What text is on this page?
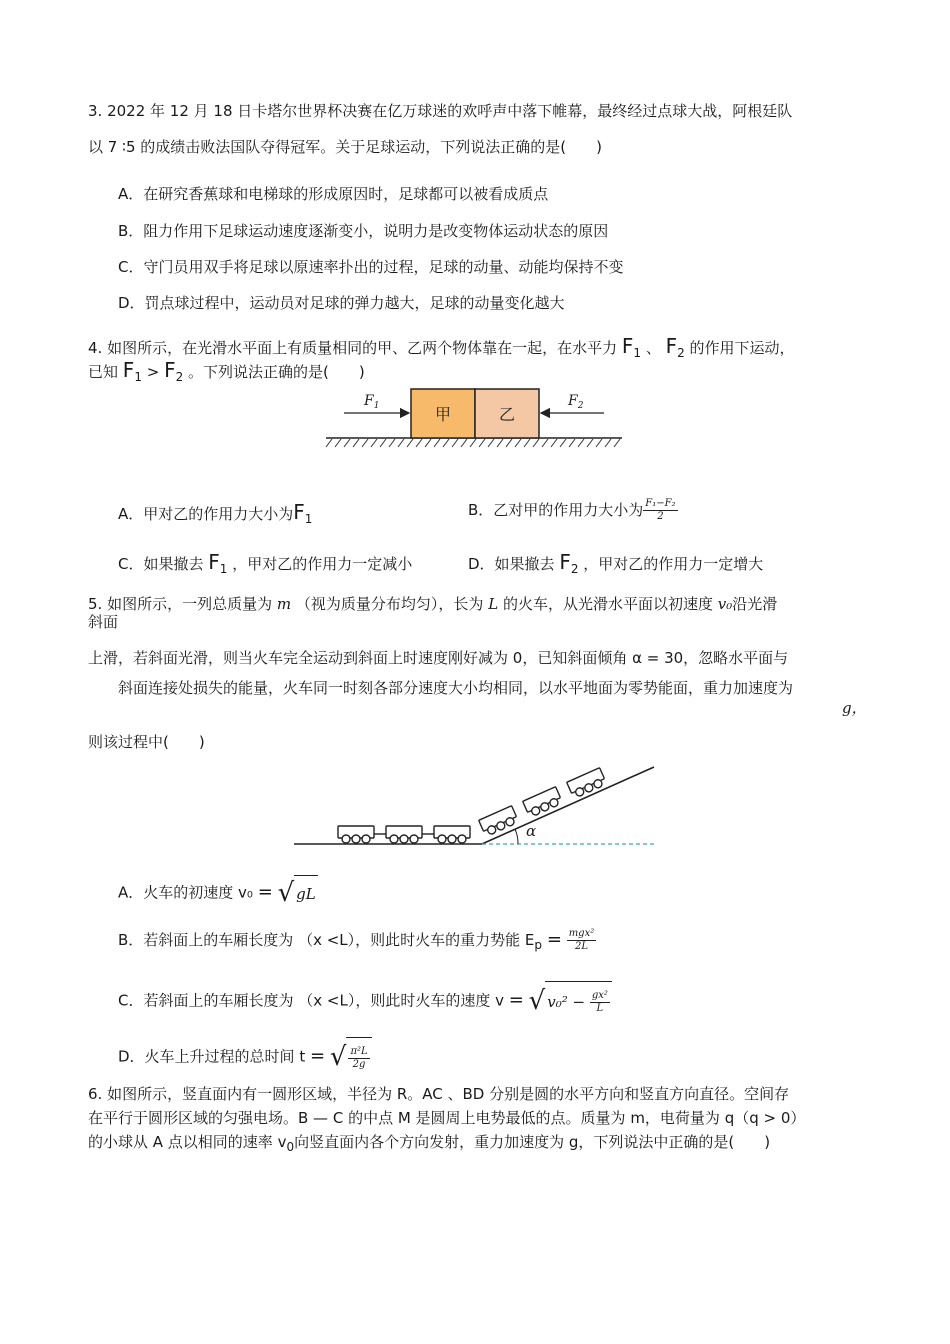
3. 2022 年 12 月 18 日卡塔尔世界杯决赛在亿万球迷的欢呼声中落下帷幕，最终经过点球大战，阿根廷队
以 7 ∶5 的成绩击败法国队夺得冠军。关于足球运动，下列说法正确的是(　　)
A．在研究香蕉球和电梯球的形成原因时，足球都可以被看成质点
B．阻力作用下足球运动速度逐渐变小，说明力是改变物体运动状态的原因
C．守门员用双手将足球以原速率扑出的过程，足球的动量、动能均保持不变
D．罚点球过程中，运动员对足球的弹力越大，足球的动量变化越大
4. 如图所示，在光滑水平面上有质量相同的甲、乙两个物体靠在一起，在水平力 $F_1$ 、 $F_2$ 的作用下运动，
已知 $F_1 > F_2$ 。下列说法正确的是(　　)
甲	乙
$F_1$	$F_2$
A．甲对乙的作用力大小为$F_1$	B．乙对甲的作用力大小为 $\frac{\text{F₁−F₂}}{2}$
C．如果撤去 $F_1$ ，甲对乙的作用力一定减小	D．如果撤去 $F_2$ ，甲对乙的作用力一定增大
5. 如图所示，一列总质量为 m （视为质量分布均匀），长为 L 的火车，从光滑水平面以初速度 v₀沿光滑
斜面
上滑，若斜面光滑，则当火车完全运动到斜面上时速度刚好减为 0，已知斜面倾角 α = 30，忽略水平面与
斜面连接处损失的能量，火车同一时刻各部分速度大小均相同，以水平地面为零势能面，重力加速度为
g，
则该过程中(　　)
α
A．火车的初速度 v₀ = √ gL
B．若斜面上的车厢长度为 （x <L），则此时火车的重力势能 $E_p = \frac{\text{mgx²}}{2L}$
C．若斜面上的车厢长度为 （x <L），则此时火车的速度 v = √ $v_0^2 - \frac{\text{gx²}}{L}$
D．火车上升过程的总时间 t = √ $\frac{\text{π²L}}{2g}$
6. 如图所示，竖直面内有一圆形区域，半径为 R。AC 、BD 分别是圆的水平方向和竖直方向直径。空间存
在平行于圆形区域的匀强电场。B — C 的中点 M 是圆周上电势最低的点。质量为 m，电荷量为 q（q > 0）
的小球从 A 点以相同的速率 $v_0$向竖直面内各个方向发射，重力加速度为 g，下列说法中正确的是(　　)
